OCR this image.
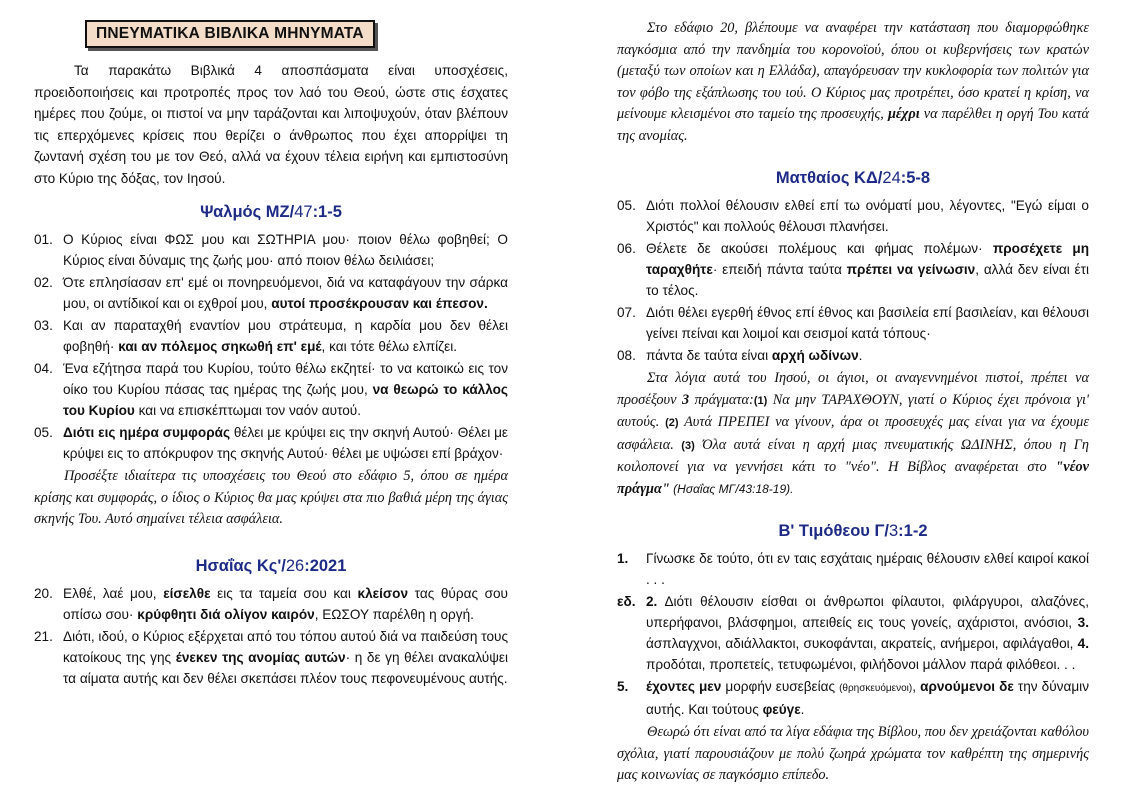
ΠΝΕΥΜΑΤΙΚΑ ΒΙΒΛΙΚΑ ΜΗΝΥΜΑΤΑ
Τα παρακάτω Βιβλικά 4 αποσπάσματα είναι υποσχέσεις, προειδοποιήσεις και προτροπές προς τον λαό του Θεού, ώστε στις έσχατες ημέρες που ζούμε, οι πιστοί να μην ταράζονται και λιποψυχούν, όταν βλέπουν τις επερχόμενες κρίσεις που θερίζει ο άνθρωπος που έχει απορρίψει τη ζωντανή σχέση του με τον Θεό, αλλά να έχουν τέλεια ειρήνη και εμπιστοσύνη στο Κύριο της δόξας, τον Ιησού.
Ψαλμός ΜΖ/47:1-5
01. Ο Κύριος είναι ΦΩΣ μου και ΣΩΤΗΡΙΑ μου· ποιον θέλω φοβηθεί; Ο Κύριος είναι δύναμις της ζωής μου· από ποιον θέλω δειλιάσει;
02. Ότε επλησίασαν επ' εμέ οι πονηρευόμενοι, διά να καταφάγουν την σάρκα μου, οι αντίδικοί και οι εχθροί μου, αυτοί προσέκρουσαν και έπεσον.
03. Και αν παραταχθή εναντίον μου στράτευμα, η καρδία μου δεν θέλει φοβηθή· και αν πόλεμος σηκωθή επ' εμέ, και τότε θέλω ελπίζει.
04. Ένα εζήτησα παρά του Κυρίου, τούτο θέλω εκζητεί· το να κατοικώ εις τον οίκο του Κυρίου πάσας τας ημέρας της ζωής μου, να θεωρώ το κάλλος του Κυρίου και να επισκέπτωμαι τον ναόν αυτού.
05. Διότι εις ημέρα συμφοράς θέλει με κρύψει εις την σκηνή Αυτού· Θέλει με κρύψει εις το απόκρυφον της σκηνής Αυτού· θέλει με υψώσει επί βράχον·
Προσέξτε ιδιαίτερα τις υποσχέσεις του Θεού στο εδάφιο 5, όπου σε ημέρα κρίσης και συμφοράς, ο ίδιος ο Κύριος θα μας κρύψει στα πιο βαθιά μέρη της άγιας σκηνής Του. Αυτό σημαίνει τέλεια ασφάλεια.
Ησαΐας Κς'/26:2021
20. Ελθέ, λαέ μου, είσελθε εις τα ταμεία σου και κλείσον τας θύρας σου οπίσω σου· κρύφθητι διά ολίγον καιρόν, ΕΩΣΟΥ παρέλθη η οργή.
21. Διότι, ιδού, ο Κύριος εξέρχεται από του τόπου αυτού διά να παιδεύση τους κατοίκους της γης ένεκεν της ανομίας αυτών· η δε γη θέλει ανακαλύψει τα αίματα αυτής και δεν θέλει σκεπάσει πλέον τους πεφονευμένους αυτής.
Στο εδάφιο 20, βλέπουμε να αναφέρει την κατάσταση που διαμορφώθηκε παγκόσμια από την πανδημία του κορονοϊού, όπου οι κυβερνήσεις των κρατών (μεταξύ των οποίων και η Ελλάδα), απαγόρευσαν την κυκλοφορία των πολιτών για τον φόβο της εξάπλωσης του ιού. Ο Κύριος μας προτρέπει, όσο κρατεί η κρίση, να μείνουμε κλεισμένοι στο ταμείο της προσευχής, μέχρι να παρέλθει η οργή Του κατά της ανομίας.
Ματθαίος ΚΔ/24:5-8
05. Διότι πολλοί θέλουσιν ελθεί επί τω ονόματί μου, λέγοντες, "Εγώ είμαι ο Χριστός" και πολλούς θέλουσι πλανήσει.
06. Θέλετε δε ακούσει πολέμους και φήμας πολέμων· προσέχετε μη ταραχθήτε· επειδή πάντα ταύτα πρέπει να γείνωσιν, αλλά δεν είναι έτι το τέλος.
07. Διότι θέλει εγερθή έθνος επί έθνος και βασιλεία επί βασιλείαν, και θέλουσι γείνει πείναι και λοιμοί και σεισμοί κατά τόπους·
08. πάντα δε ταύτα είναι αρχή ωδίνων.
Στα λόγια αυτά του Ιησού, οι άγιοι, οι αναγεννημένοι πιστοί, πρέπει να προσέξουν 3 πράγματα:(1) Να μην ΤΑΡΑΧΘΟΥΝ, γιατί ο Κύριος έχει πρόνοια γι' αυτούς. (2) Αυτά ΠΡΕΠΕΙ να γίνουν, άρα οι προσευχές μας είναι για να έχουμε ασφάλεια. (3) Όλα αυτά είναι η αρχή μιας πνευματικής ΩΔΙΝΗΣ, όπου η Γη κοιλοπονεί για να γεννήσει κάτι το "νέο". Η Βίβλος αναφέρεται στο "νέον πράγμα" (Ησαΐας ΜΓ/43:18-19).
Β' Τιμόθεου Γ/3:1-2
1.	Γίνωσκε δε τούτο, ότι εν ταις εσχάταις ημέραις θέλουσιν ελθεί καιροί κακοί . . .
εδ. 2. Διότι θέλουσιν είσθαι οι άνθρωποι φίλαυτοι, φιλάργυροι, αλαζόνες, υπερήφανοι, βλάσφημοι, απειθείς εις τους γονείς, αχάριστοι, ανόσιοι, 3. άσπλαγχνοι, αδιάλλακτοι, συκοφάνται, ακρατείς, ανήμεροι, αφιλάγαθοι, 4. προδόται, προπετείς, τετυφωμένοι, φιλήδονοι μάλλον παρά φιλόθεοι. . .
5.	έχοντες μεν μορφήν ευσεβείας (θρησκευόμενοι), αρνούμενοι δε την δύναμιν αυτής. Και τούτους φεύγε.
Θεωρώ ότι είναι από τα λίγα εδάφια της Βίβλου, που δεν χρειάζονται καθόλου σχόλια, γιατί παρουσιάζουν με πολύ ζωηρά χρώματα τον καθρέπτη της σημερινής μας κοινωνίας σε παγκόσμιο επίπεδο.
